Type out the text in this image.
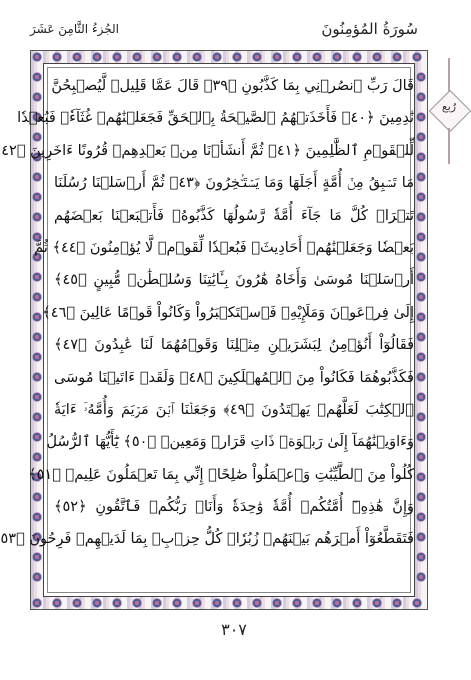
سُورَةُ المُؤمِنُونَ
الجُزءُ الثَّامِنَ عَشَرَ
رُبع
قَالَ رَبِّ ٱنصُرۡنِي بِمَا كَذَّبُونِ ﴿٣٩﴾ قَالَ عَمَّا قَلِيلٖ لَّيُصۡبِحُنَّ
نَٰدِمِينَ ﴿٤٠﴾ فَأَخَذَتۡهُمُ ٱلصَّيۡحَةُ بِٱلۡحَقِّ فَجَعَلۡنَٰهُمۡ غُثَآءٗۚ فَبُعۡدٗا
لِّلۡقَوۡمِ ٱلظَّٰلِمِينَ ﴿٤١﴾ ثُمَّ أَنشَأۡنَا مِنۢ بَعۡدِهِمۡ قُرُونًا ءَاخَرِينَ ﴿٤٢
مَا تَسۡبِقُ مِنۡ أُمَّةٍ أَجَلَهَا وَمَا يَسۡتَـٔۡخِرُونَ ﴿٤٣﴾ ثُمَّ أَرۡسَلۡنَا رُسُلَنَا
تَتۡرَاۖ كُلَّ مَا جَآءَ أُمَّةٗ رَّسُولُهَا كَذَّبُوهُۖ فَأَتۡبَعۡنَا بَعۡضَهُم
بَعۡضٗا وَجَعَلۡنَٰهُمۡ أَحَادِيثَۚ فَبُعۡدٗا لِّقَوۡمٖ لَّا يُؤۡمِنُونَ ﴿٤٤﴾ ثُمَّ
أَرۡسَلۡنَا مُوسَىٰ وَأَخَاهُ هَٰرُونَ بِـَٔايَٰتِنَا وَسُلۡطَٰنٖ مُّبِينٍ ﴿٤٥﴾
إِلَىٰ فِرۡعَوۡنَ وَمَلَإِيْهِۦ فَٱسۡتَكۡبَرُواْ وَكَانُواْ قَوۡمًا عَالِينَ ﴿٤٦﴾
فَقَالُوٓاْ أَنُؤۡمِنُ لِبَشَرَيۡنِ مِثۡلِنَا وَقَوۡمُهُمَا لَنَا عَٰبِدُونَ ﴿٤٧﴾
فَكَذَّبُوهُمَا فَكَانُواْ مِنَ ٱلۡمُهۡلَكِينَ ﴿٤٨﴾ وَلَقَدۡ ءَاتَيۡنَا مُوسَى
ٱلۡكِتَٰبَ لَعَلَّهُمۡ يَهۡتَدُونَ ﴿٤٩﴾ وَجَعَلۡنَا ٱبۡنَ مَرۡيَمَ وَأُمَّهُۥٓ ءَايَةٗ
وَءَاوَيۡنَٰهُمَآ إِلَىٰ رَبۡوَةٖ ذَاتِ قَرَارٖ وَمَعِينٖ ﴿٥٠﴾ يَٰٓأَيُّهَا ٱلرُّسُلُ
كُلُواْ مِنَ ٱلطَّيِّبَٰتِ وَٱعۡمَلُواْ صَٰلِحًاۖ إِنِّي بِمَا تَعۡمَلُونَ عَلِيمٞ ﴿٥١﴾
وَإِنَّ هَٰذِهِۦٓ أُمَّتُكُمۡ أُمَّةٗ وَٰحِدَةٗ وَأَنَا۠ رَبُّكُمۡ فَٱتَّقُونِ ﴿٥٢﴾
فَتَقَطَّعُوٓاْ أَمۡرَهُم بَيۡنَهُمۡ زُبُرٗاۖ كُلُّ حِزۡبِۭ بِمَا لَدَيۡهِمۡ فَرِحُونَ ﴿٥٣
٣٠٧
